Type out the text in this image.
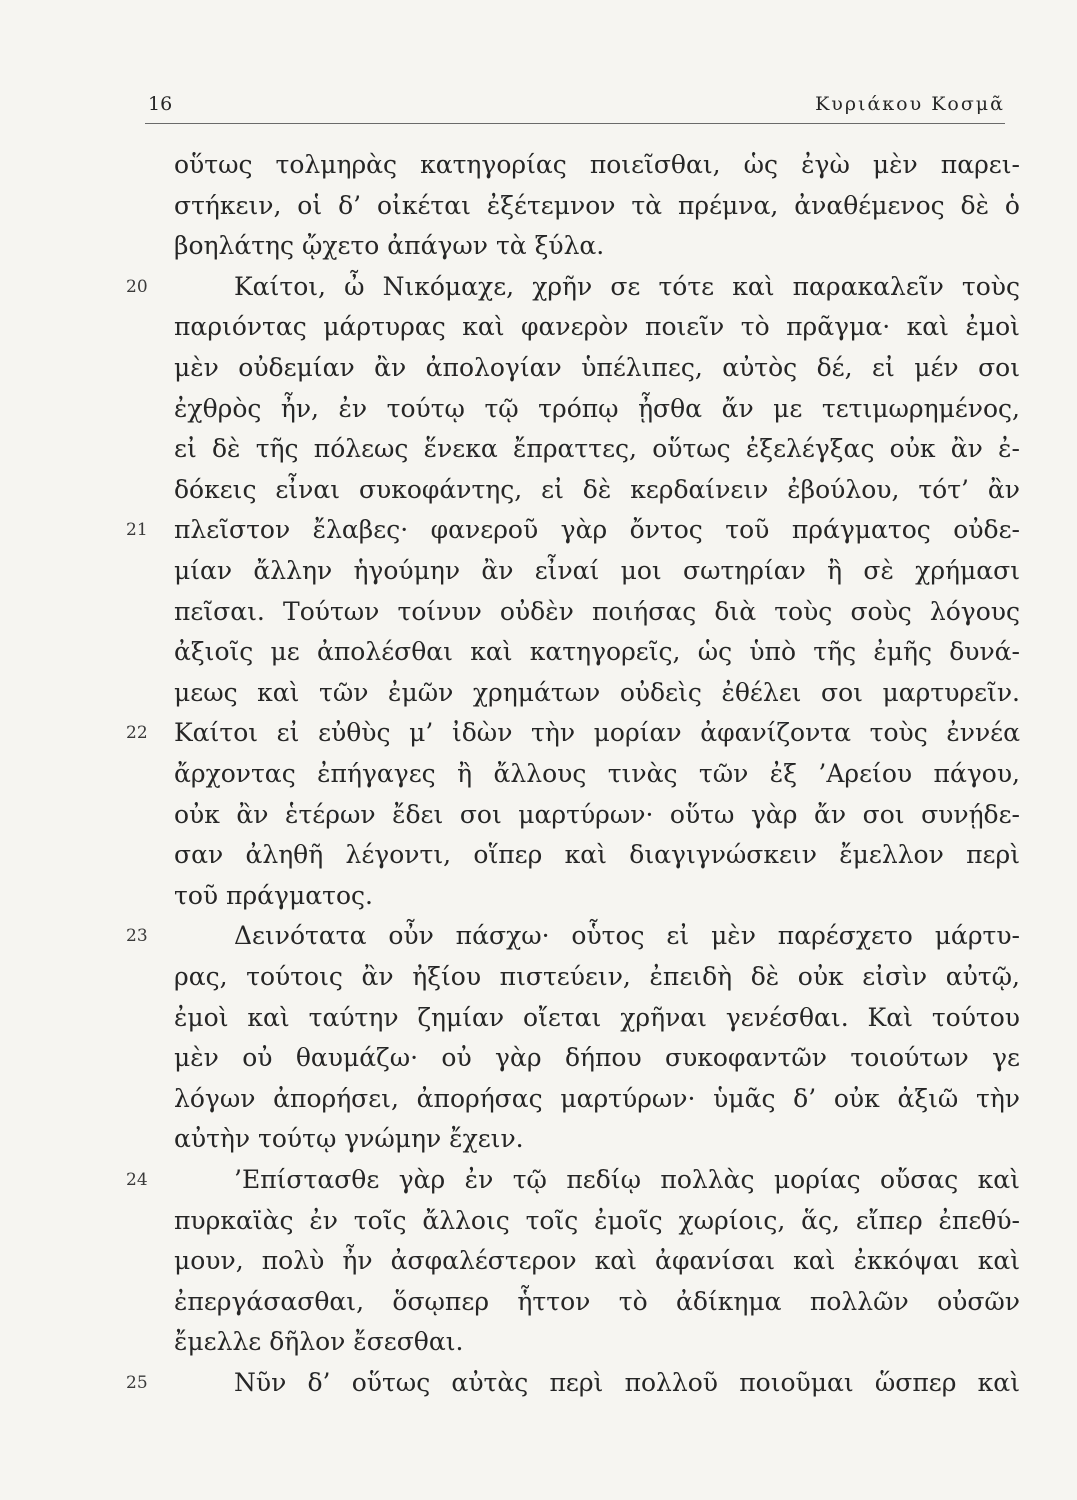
16	Κυριάκου Κοσμᾶ
οὕτως τολμηρὰς κατηγορίας ποιεῖσθαι, ὡς ἐγὼ μὲν παρει-
στήκειν, οἱ δ’ οἰκέται ἐξέτεμνον τὰ πρέμνα, ἀναθέμενος δὲ ὁ
βοηλάτης ᾤχετο ἀπάγων τὰ ξύλα.
Καίτοι, ὦ Νικόμαχε, χρῆν σε τότε καὶ παρακαλεῖν τοὺς
20
παριόντας μάρτυρας καὶ φανερὸν ποιεῖν τὸ πρᾶγμα· καὶ ἐμοὶ
μὲν οὐδεμίαν ἂν ἀπολογίαν ὑπέλιπες, αὐτὸς δέ, εἰ μέν σοι
ἐχθρὸς ἦν, ἐν τούτῳ τῷ τρόπῳ ᾖσθα ἄν με τετιμωρημένος,
εἰ δὲ τῆς πόλεως ἕνεκα ἔπραττες, οὕτως ἐξελέγξας οὐκ ἂν ἐ-
δόκεις εἶναι συκοφάντης, εἰ δὲ κερδαίνειν ἐβούλου, τότ’ ἂν
πλεῖστον ἔλαβες· φανεροῦ γὰρ ὄντος τοῦ πράγματος οὐδε-
21
μίαν ἄλλην ἡγούμην ἂν εἶναί μοι σωτηρίαν ἢ σὲ χρήμασι
πεῖσαι. Τούτων τοίνυν οὐδὲν ποιήσας διὰ τοὺς σοὺς λόγους
ἀξιοῖς με ἀπολέσθαι καὶ κατηγορεῖς, ὡς ὑπὸ τῆς ἐμῆς δυνά-
μεως καὶ τῶν ἐμῶν χρημάτων οὐδεὶς ἐθέλει σοι μαρτυρεῖν.
Καίτοι εἰ εὐθὺς μ’ ἰδὼν τὴν μορίαν ἀφανίζοντα τοὺς ἐννέα
22
ἄρχοντας ἐπήγαγες ἢ ἄλλους τινὰς τῶν ἐξ ’Αρείου πάγου,
οὐκ ἂν ἑτέρων ἔδει σοι μαρτύρων· οὕτω γὰρ ἄν σοι συνῄδε-
σαν ἀληθῆ λέγοντι, οἵπερ καὶ διαγιγνώσκειν ἔμελλον περὶ
τοῦ πράγματος.
Δεινότατα οὖν πάσχω· οὗτος εἰ μὲν παρέσχετο μάρτυ-
23
ρας, τούτοις ἂν ἠξίου πιστεύειν, ἐπειδὴ δὲ οὐκ εἰσὶν αὐτῷ,
ἐμοὶ καὶ ταύτην ζημίαν οἴεται χρῆναι γενέσθαι. Καὶ τούτου
μὲν οὐ θαυμάζω· οὐ γὰρ δήπου συκοφαντῶν τοιούτων γε
λόγων ἀπορήσει, ἀπορήσας μαρτύρων· ὑμᾶς δ’ οὐκ ἀξιῶ τὴν
αὐτὴν τούτῳ γνώμην ἔχειν.
’Επίστασθε γὰρ ἐν τῷ πεδίῳ πολλὰς μορίας οὔσας καὶ
24
πυρκαϊὰς ἐν τοῖς ἄλλοις τοῖς ἐμοῖς χωρίοις, ἅς, εἴπερ ἐπεθύ-
μουν, πολὺ ἦν ἀσφαλέστερον καὶ ἀφανίσαι καὶ ἐκκόψαι καὶ
ἐπεργάσασθαι, ὅσῳπερ ἧττον τὸ ἀδίκημα πολλῶν οὐσῶν
ἔμελλε δῆλον ἔσεσθαι.
Νῦν δ’ οὕτως αὐτὰς περὶ πολλοῦ ποιοῦμαι ὥσπερ καὶ
25
